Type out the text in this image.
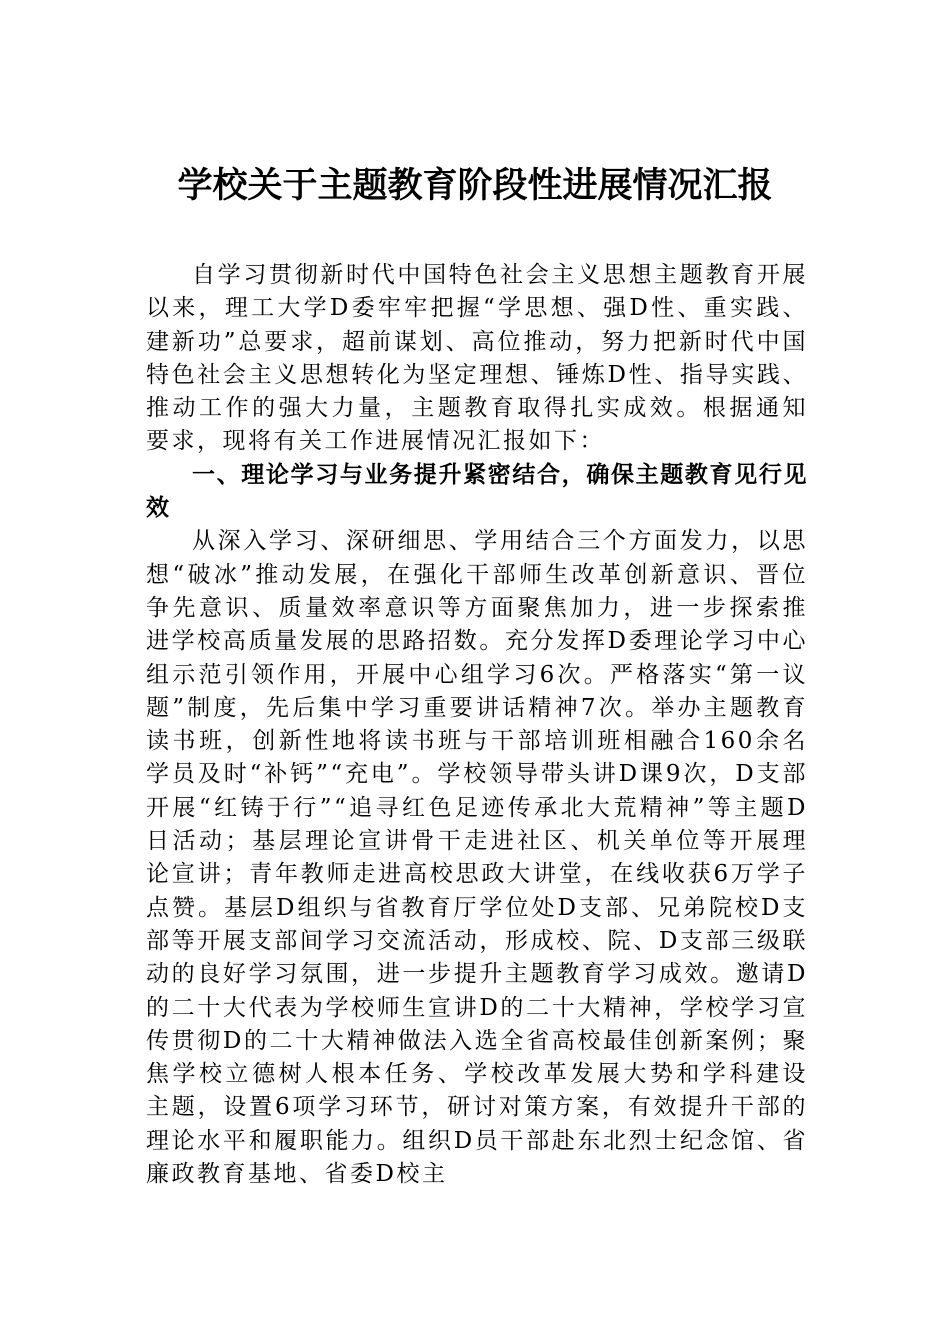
学校关于主题教育阶段性进展情况汇报

自学习贯彻新时代中国特色社会主义思想主题教育开展以来，理工大学D委牢牢把握“学思想、强D性、重实践、建新功”总要求，超前谋划、高位推动，努力把新时代中国特色社会主义思想转化为坚定理想、锤炼D性、指导实践、推动工作的强大力量，主题教育取得扎实成效。根据通知要求，现将有关工作进展情况汇报如下：

一、理论学习与业务提升紧密结合，确保主题教育见行见效

从深入学习、深研细思、学用结合三个方面发力，以思想“破冰”推动发展，在强化干部师生改革创新意识、晋位争先意识、质量效率意识等方面聚焦加力，进一步探索推进学校高质量发展的思路招数。充分发挥D委理论学习中心组示范引领作用，开展中心组学习6次。严格落实“第一议题”制度，先后集中学习重要讲话精神7次。举办主题教育读书班，创新性地将读书班与干部培训班相融合160余名学员及时“补钙”“充电”。学校领导带头讲D课9次，D支部开展“红铸于行”“追寻红色足迹传承北大荒精神”等主题D日活动；基层理论宣讲骨干走进社区、机关单位等开展理论宣讲；青年教师走进高校思政大讲堂，在线收获6万学子点赞。基层D组织与省教育厅学位处D支部、兄弟院校D支部等开展支部间学习交流活动，形成校、院、D支部三级联动的良好学习氛围，进一步提升主题教育学习成效。邀请D的二十大代表为学校师生宣讲D的二十大精神，学校学习宣传贯彻D的二十大精神做法入选全省高校最佳创新案例；聚焦学校立德树人根本任务、学校改革发展大势和学科建设主题，设置6项学习环节，研讨对策方案，有效提升干部的理论水平和履职能力。组织D员干部赴东北烈士纪念馆、省廉政教育基地、省委D校主
